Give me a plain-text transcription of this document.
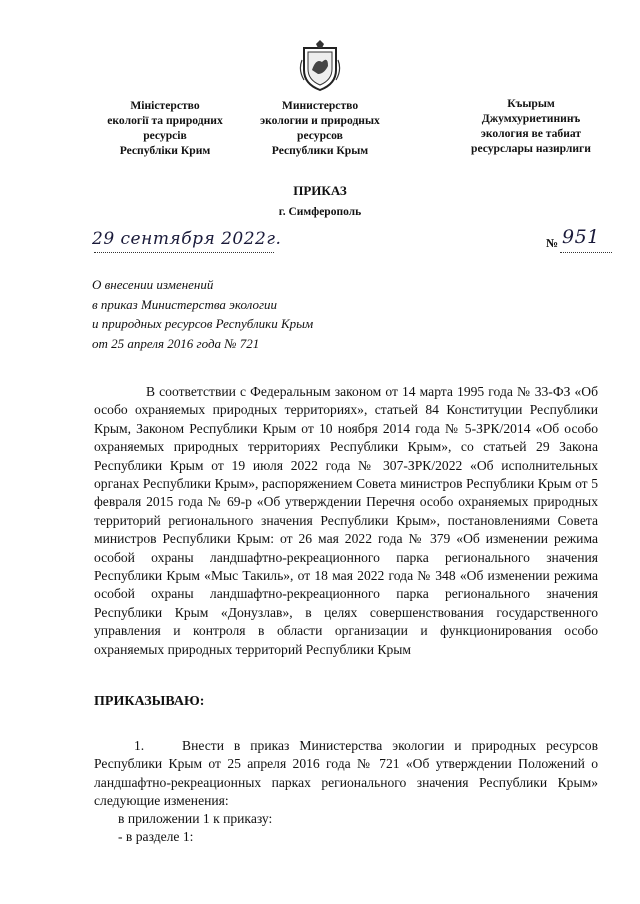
Міністерство
екології та природних
ресурсів
Республіки Крим
Министерство
экологии и природных
ресурсов
Республики Крым
Къырым
Джумхуриетининъ
экология ве табиат
ресурслары назирлиги
ПРИКАЗ
г. Симферополь
29 сентября 2022г.	№ 951
О внесении изменений
в приказ Министерства экологии
и природных ресурсов Республики Крым
от 25 апреля 2016 года № 721
В соответствии с Федеральным законом от 14 марта 1995 года № 33-ФЗ «Об особо охраняемых природных территориях», статьей 84 Конституции Республики Крым, Законом Республики Крым от 10 ноября 2014 года № 5-ЗРК/2014 «Об особо охраняемых природных территориях Республики Крым», со статьей 29 Закона Республики Крым от 19 июля 2022 года № 307-ЗРК/2022 «Об исполнительных органах Республики Крым», распоряжением Совета министров Республики Крым от 5 февраля 2015 года № 69-р «Об утверждении Перечня особо охраняемых природных территорий регионального значения Республики Крым», постановлениями Совета министров Республики Крым: от 26 мая 2022 года № 379 «Об изменении режима особой охраны ландшафтно-рекреационного парка регионального значения Республики Крым «Мыс Такиль», от 18 мая 2022 года № 348 «Об изменении режима особой охраны ландшафтно-рекреационного парка регионального значения Республики Крым «Донузлав», в целях совершенствования государственного управления и контроля в области организации и функционирования особо охраняемых природных территорий Республики Крым
ПРИКАЗЫВАЮ:
1.	Внести в приказ Министерства экологии и природных ресурсов Республики Крым от 25 апреля 2016 года № 721 «Об утверждении Положений о ландшафтно-рекреационных парках регионального значения Республики Крым» следующие изменения:
в приложении 1 к приказу:
- в разделе 1:
